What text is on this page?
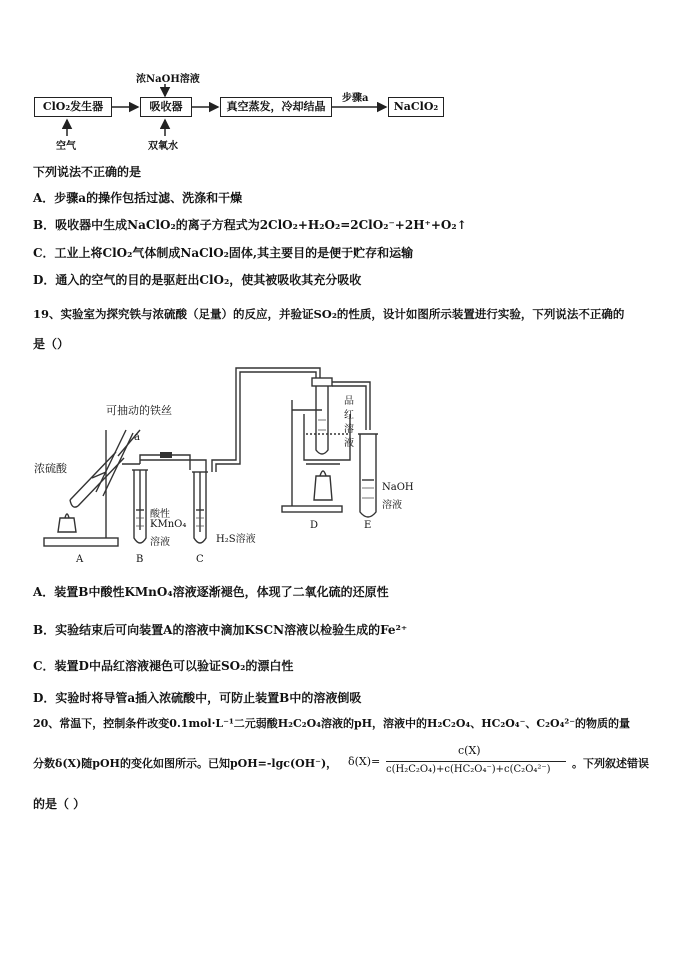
ClO₂发生器	吸收器	真空蒸发，冷却结晶	NaClO₂
浓NaOH溶液
空气	双氧水
步骤a
下列说法不正确的是
A．步骤a的操作包括过滤、洗涤和干燥
B．吸收器中生成NaClO₂的离子方程式为2ClO₂+H₂O₂=2ClO₂⁻+2H⁺+O₂↑
C．工业上将ClO₂气体制成NaClO₂固体,其主要目的是便于贮存和运输
D．通入的空气的目的是驱赶出ClO₂，使其被吸收其充分吸收
19、实验室为探究铁与浓硫酸（足量）的反应，并验证SO₂的性质，设计如图所示装置进行实验，下列说法不正确的
是（）
可抽动的铁丝
a
浓硫酸
酸性
KMnO₄
溶液	H₂S溶液
品
红
溶
液
NaOH
溶液
A	B	C
D	E
A．装置B中酸性KMnO₄溶液逐渐褪色，体现了二氧化硫的还原性
B．实验结束后可向装置A的溶液中滴加KSCN溶液以检验生成的Fe²⁺
C．装置D中品红溶液褪色可以验证SO₂的漂白性
D．实验时将导管a插入浓硫酸中，可防止装置B中的溶液倒吸
20、常温下，控制条件改变0.1mol·L⁻¹二元弱酸H₂C₂O₄溶液的pH，溶液中的H₂C₂O₄、HC₂O₄⁻、C₂O₄²⁻的物质的量
分数δ(X)随pOH的变化如图所示。已知pOH=-lgc(OH⁻)， δ(X)=
c(X)
c(H₂C₂O₄)+c(HC₂O₄⁻)+c(C₂O₄²⁻) 。下列叙述错误
的是（ ）
